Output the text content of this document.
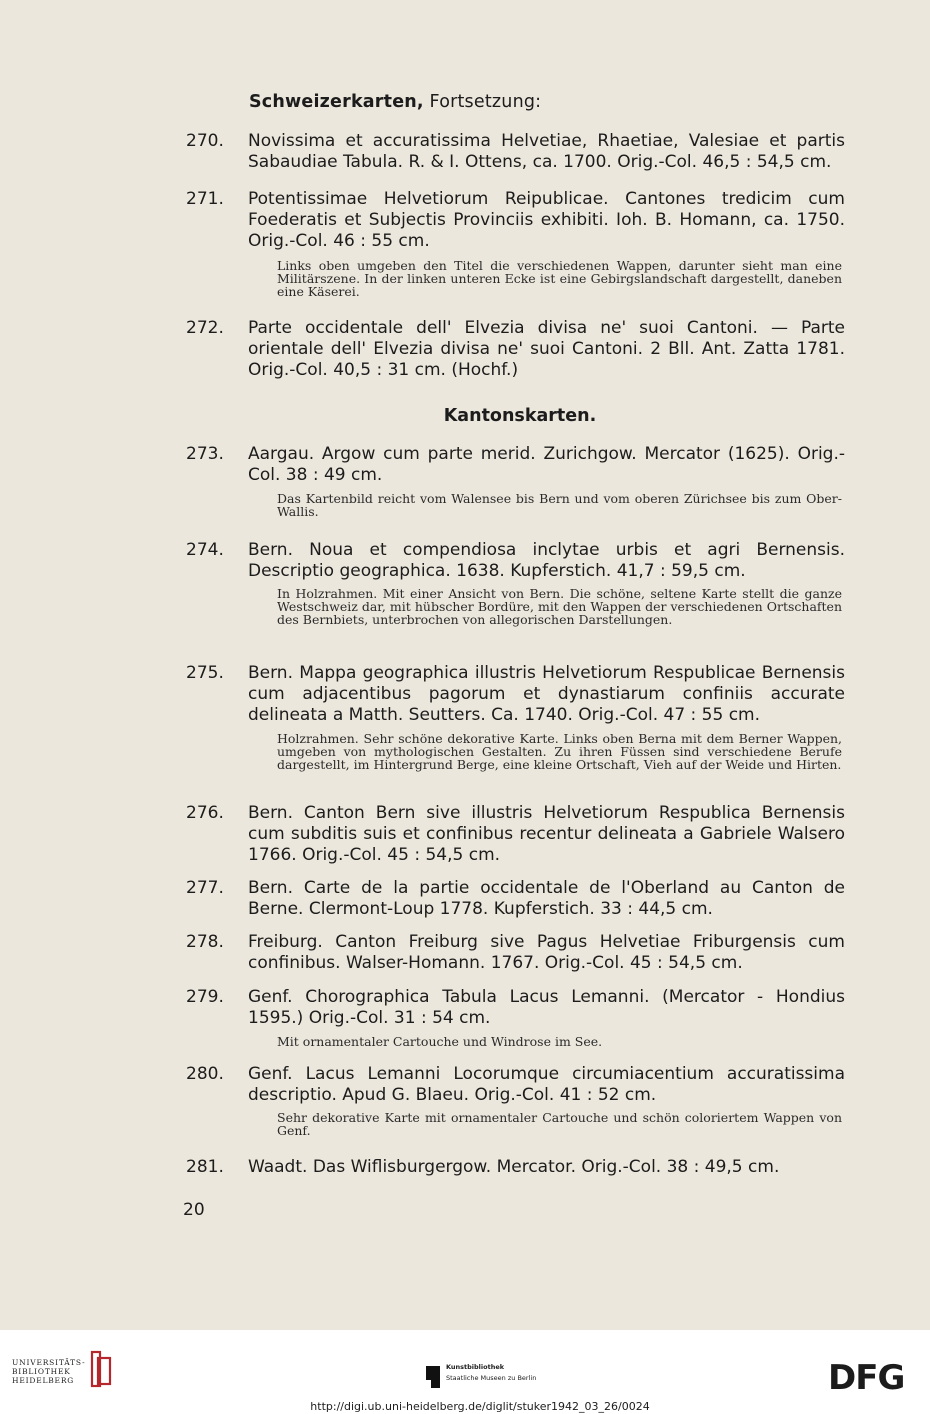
Schweizerkarten, Fortsetzung:
270.	Novissima et accuratissima Helvetiae, Rhaetiae, Valesiae et partis Sabaudiae Tabula. R. & I. Ottens, ca. 1700. Orig.-Col. 46,5 : 54,5 cm.
271.	Potentissimae Helvetiorum Reipublicae. Cantones tredicim cum Foederatis et Subjectis Provinciis exhibiti. Ioh. B. Homann, ca. 1750. Orig.-Col. 46 : 55 cm.
Links oben umgeben den Titel die verschiedenen Wappen, darunter sieht man eine Militärszene. In der linken unteren Ecke ist eine Gebirgslandschaft dargestellt, daneben eine Käserei.
272.	Parte occidentale dell' Elvezia divisa ne' suoi Cantoni. — Parte orientale dell' Elvezia divisa ne' suoi Cantoni. 2 Bll. Ant. Zatta 1781. Orig.-Col. 40,5 : 31 cm. (Hochf.)
Kantonskarten.
273.	Aargau. Argow cum parte merid. Zurichgow. Mercator (1625). Orig.-Col. 38 : 49 cm.
Das Kartenbild reicht vom Walensee bis Bern und vom oberen Zürichsee bis zum Ober-Wallis.
274.	Bern. Noua et compendiosa inclytae urbis et agri Bernensis. Descriptio geographica. 1638. Kupferstich. 41,7 : 59,5 cm.
In Holzrahmen. Mit einer Ansicht von Bern. Die schöne, seltene Karte stellt die ganze Westschweiz dar, mit hübscher Bordüre, mit den Wappen der verschiedenen Ortschaften des Bernbiets, unterbrochen von allegorischen Darstellungen.
275.	Bern. Mappa geographica illustris Helvetiorum Respublicae Bernensis cum adjacentibus pagorum et dynastiarum confiniis accurate delineata a Matth. Seutters. Ca. 1740. Orig.-Col. 47 : 55 cm.
Holzrahmen. Sehr schöne dekorative Karte. Links oben Berna mit dem Berner Wappen, umgeben von mythologischen Gestalten. Zu ihren Füssen sind verschiedene Berufe dargestellt, im Hintergrund Berge, eine kleine Ortschaft, Vieh auf der Weide und Hirten.
276.	Bern. Canton Bern sive illustris Helvetiorum Respublica Bernensis cum subditis suis et confinibus recentur delineata a Gabriele Walsero 1766. Orig.-Col. 45 : 54,5 cm.
277.	Bern. Carte de la partie occidentale de l'Oberland au Canton de Berne. Clermont-Loup 1778. Kupferstich. 33 : 44,5 cm.
278.	Freiburg. Canton Freiburg sive Pagus Helvetiae Friburgensis cum confinibus. Walser-Homann. 1767. Orig.-Col. 45 : 54,5 cm.
279.	Genf. Chorographica Tabula Lacus Lemanni. (Mercator - Hondius 1595.) Orig.-Col. 31 : 54 cm.
Mit ornamentaler Cartouche und Windrose im See.
280.	Genf. Lacus Lemanni Locorumque circumiacentium accuratissima descriptio. Apud G. Blaeu. Orig.-Col. 41 : 52 cm.
Sehr dekorative Karte mit ornamentaler Cartouche und schön coloriertem Wappen von Genf.
281.	Waadt. Das Wiflisburgergow. Mercator. Orig.-Col. 38 : 49,5 cm.
20
UNIVERSITÄTS-
BIBLIOTHEK
HEIDELBERG
Kunstbibliothek
Staatliche Museen zu Berlin	DFG
http://digi.ub.uni-heidelberg.de/diglit/stuker1942_03_26/0024
